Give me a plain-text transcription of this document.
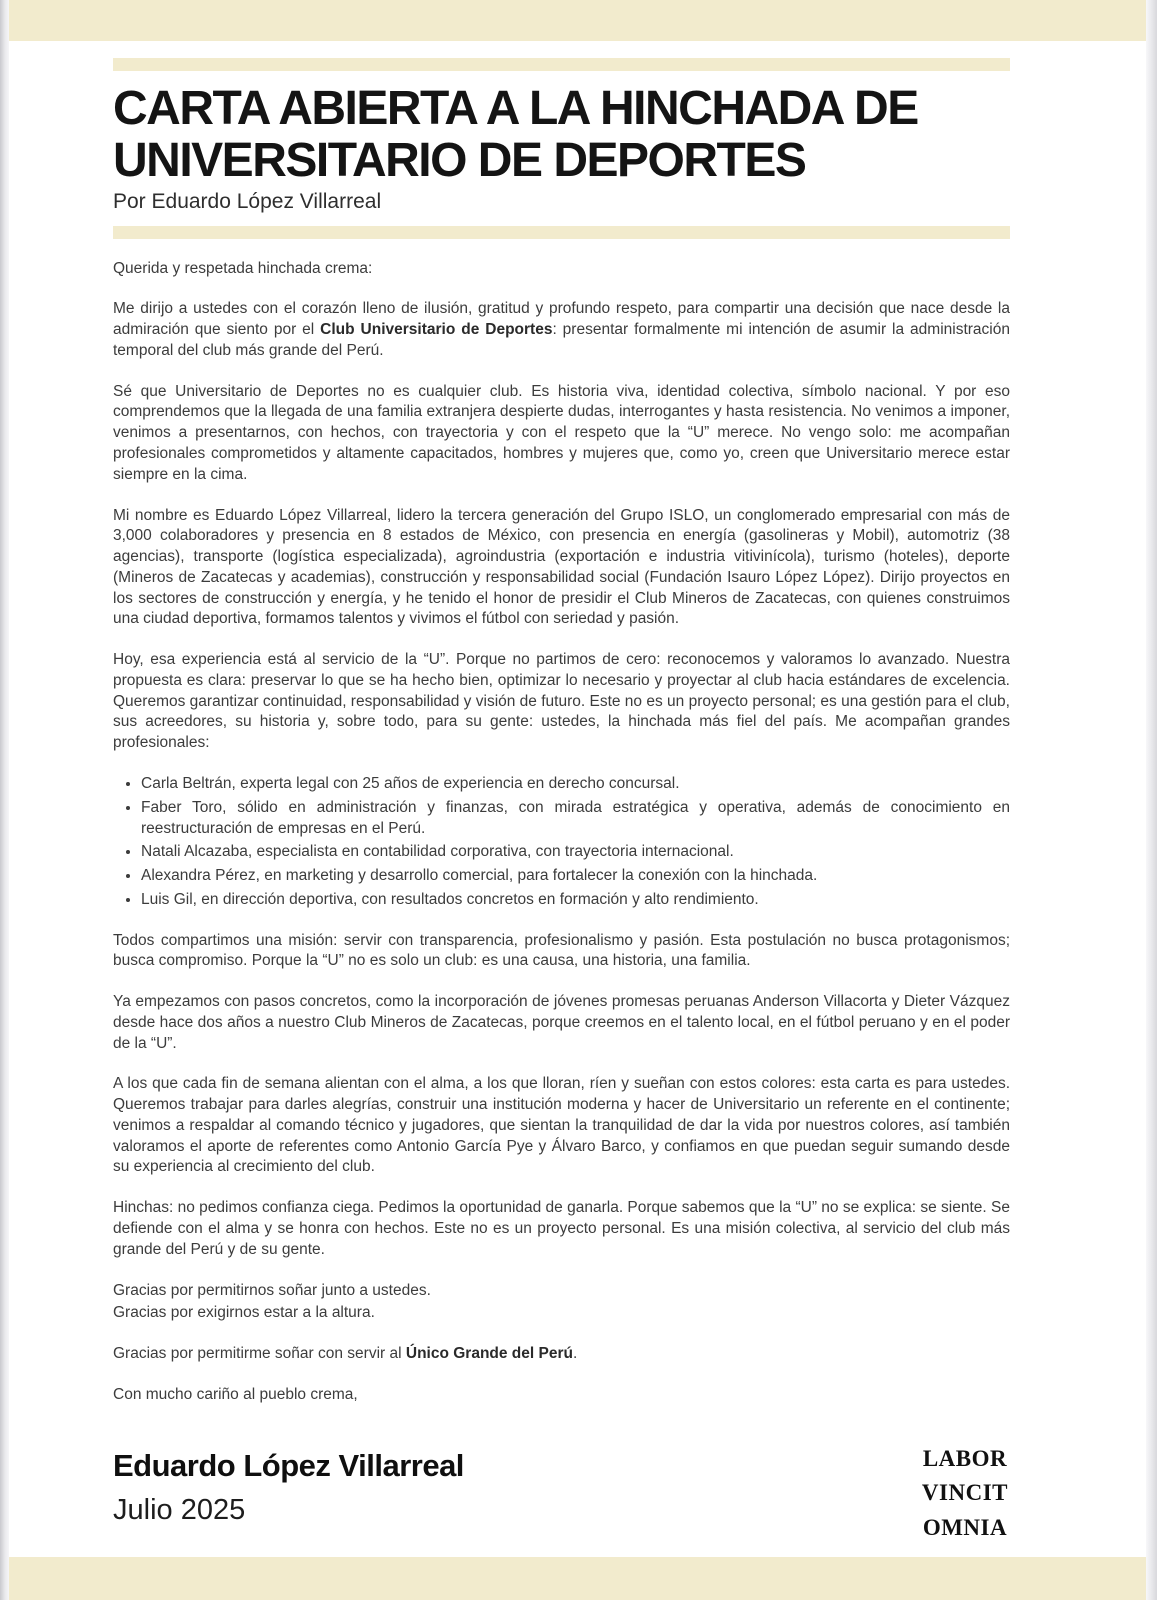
CARTA ABIERTA A LA HINCHADA DE UNIVERSITARIO DE DEPORTES
Por Eduardo López Villarreal

Querida y respetada hinchada crema:

Me dirijo a ustedes con el corazón lleno de ilusión, gratitud y profundo respeto, para compartir una decisión que nace desde la admiración que siento por el Club Universitario de Deportes: presentar formalmente mi intención de asumir la administración temporal del club más grande del Perú.

Sé que Universitario de Deportes no es cualquier club. Es historia viva, identidad colectiva, símbolo nacional. Y por eso comprendemos que la llegada de una familia extranjera despierte dudas, interrogantes y hasta resistencia. No venimos a imponer, venimos a presentarnos, con hechos, con trayectoria y con el respeto que la “U” merece. No vengo solo: me acompañan profesionales comprometidos y altamente capacitados, hombres y mujeres que, como yo, creen que Universitario merece estar siempre en la cima.

Mi nombre es Eduardo López Villarreal, lidero la tercera generación del Grupo ISLO, un conglomerado empresarial con más de 3,000 colaboradores y presencia en 8 estados de México, con presencia en energía (gasolineras y Mobil), automotriz (38 agencias), transporte (logística especializada), agroindustria (exportación e industria vitivinícola), turismo (hoteles), deporte (Mineros de Zacatecas y academias), construcción y responsabilidad social (Fundación Isauro López López). Dirijo proyectos en los sectores de construcción y energía, y he tenido el honor de presidir el Club Mineros de Zacatecas, con quienes construimos una ciudad deportiva, formamos talentos y vivimos el fútbol con seriedad y pasión.

Hoy, esa experiencia está al servicio de la “U”. Porque no partimos de cero: reconocemos y valoramos lo avanzado. Nuestra propuesta es clara: preservar lo que se ha hecho bien, optimizar lo necesario y proyectar al club hacia estándares de excelencia. Queremos garantizar continuidad, responsabilidad y visión de futuro. Este no es un proyecto personal; es una gestión para el club, sus acreedores, su historia y, sobre todo, para su gente: ustedes, la hinchada más fiel del país. Me acompañan grandes profesionales:

• Carla Beltrán, experta legal con 25 años de experiencia en derecho concursal.
• Faber Toro, sólido en administración y finanzas, con mirada estratégica y operativa, además de conocimiento en reestructuración de empresas en el Perú.
• Natali Alcazaba, especialista en contabilidad corporativa, con trayectoria internacional.
• Alexandra Pérez, en marketing y desarrollo comercial, para fortalecer la conexión con la hinchada.
• Luis Gil, en dirección deportiva, con resultados concretos en formación y alto rendimiento.

Todos compartimos una misión: servir con transparencia, profesionalismo y pasión. Esta postulación no busca protagonismos; busca compromiso. Porque la “U” no es solo un club: es una causa, una historia, una familia.

Ya empezamos con pasos concretos, como la incorporación de jóvenes promesas peruanas Anderson Villacorta y Dieter Vázquez desde hace dos años a nuestro Club Mineros de Zacatecas, porque creemos en el talento local, en el fútbol peruano y en el poder de la “U”.

A los que cada fin de semana alientan con el alma, a los que lloran, ríen y sueñan con estos colores: esta carta es para ustedes. Queremos trabajar para darles alegrías, construir una institución moderna y hacer de Universitario un referente en el continente; venimos a respaldar al comando técnico y jugadores, que sientan la tranquilidad de dar la vida por nuestros colores, así también valoramos el aporte de referentes como Antonio García Pye y Álvaro Barco, y confiamos en que puedan seguir sumando desde su experiencia al crecimiento del club.

Hinchas: no pedimos confianza ciega. Pedimos la oportunidad de ganarla. Porque sabemos que la “U” no se explica: se siente. Se defiende con el alma y se honra con hechos. Este no es un proyecto personal. Es una misión colectiva, al servicio del club más grande del Perú y de su gente.

Gracias por permitirnos soñar junto a ustedes.

Gracias por exigirnos estar a la altura.

Gracias por permitirme soñar con servir al Único Grande del Perú.

Con mucho cariño al pueblo crema,

Eduardo López Villarreal
Julio 2025
LABOR
VINCIT
OMNIA
